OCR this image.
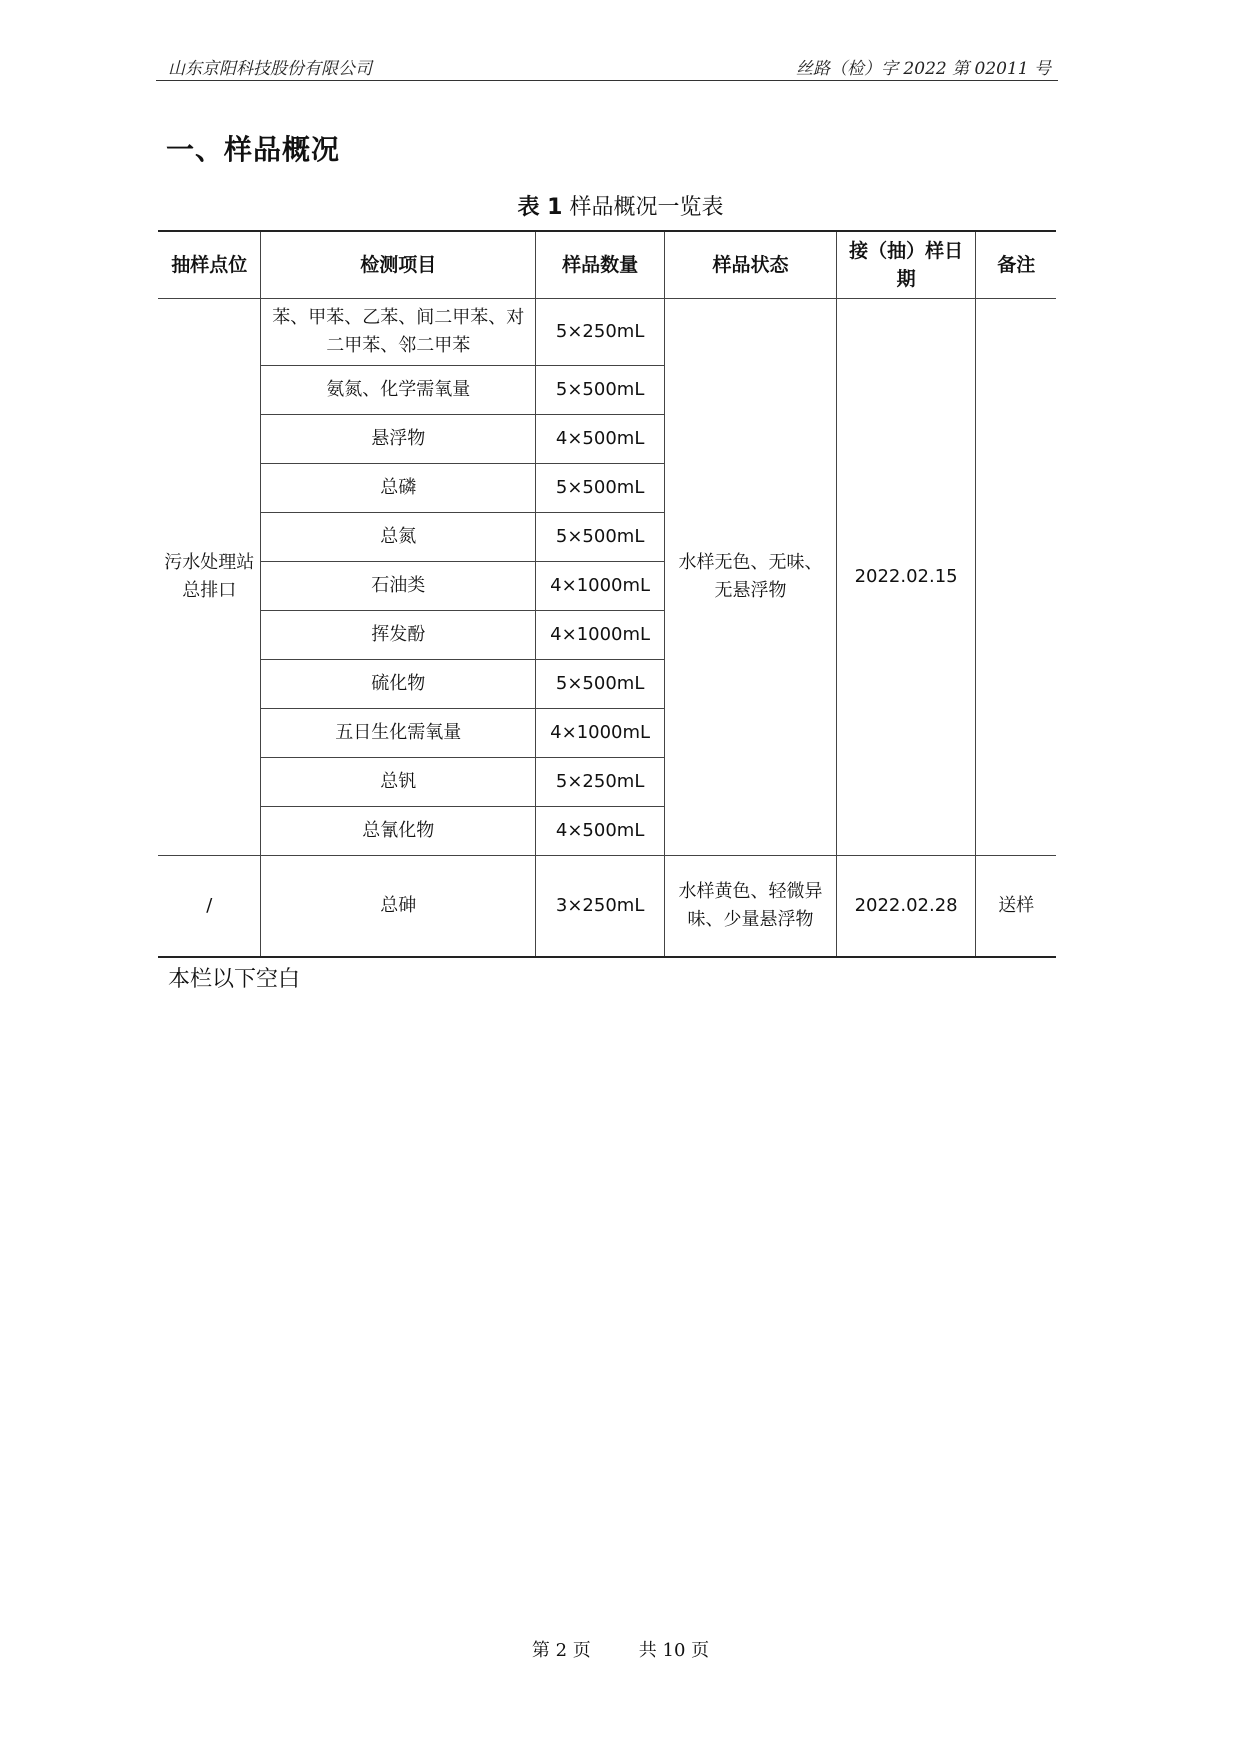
山东京阳科技股份有限公司	丝路（检）字 2022 第 02011 号
一、样品概况
表 1 样品概况一览表
抽样点位	检测项目	样品数量	样品状态	接（抽）样日期	备注
污水处理站总排口	苯、甲苯、乙苯、间二甲苯、对二甲苯、邻二甲苯	5×250mL	水样无色、无味、无悬浮物	2022.02.15	
	氨氮、化学需氧量	5×500mL			
	悬浮物	4×500mL			
	总磷	5×500mL			
	总氮	5×500mL			
	石油类	4×1000mL			
	挥发酚	4×1000mL			
	硫化物	5×500mL			
	五日生化需氧量	4×1000mL			
	总钒	5×250mL			
	总氰化物	4×500mL			
/	总砷	3×250mL	水样黄色、轻微异味、少量悬浮物	2022.02.28	送样
本栏以下空白
第 2 页	共 10 页
